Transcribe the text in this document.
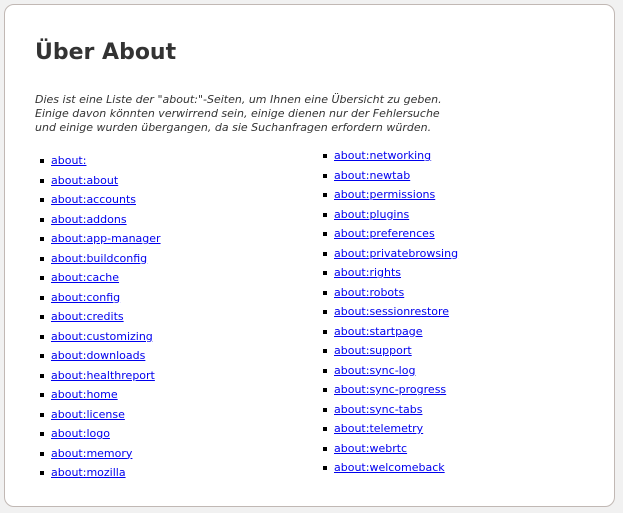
Über About

Dies ist eine Liste der "about:"-Seiten, um Ihnen eine Übersicht zu geben.
Einige davon könnten verwirrend sein, einige dienen nur der Fehlersuche
und einige wurden übergangen, da sie Suchanfragen erfordern würden.

about:
about:about
about:accounts
about:addons
about:app-manager
about:buildconfig
about:cache
about:config
about:credits
about:customizing
about:downloads
about:healthreport
about:home
about:license
about:logo
about:memory
about:mozilla
about:networking
about:newtab
about:permissions
about:plugins
about:preferences
about:privatebrowsing
about:rights
about:robots
about:sessionrestore
about:startpage
about:support
about:sync-log
about:sync-progress
about:sync-tabs
about:telemetry
about:webrtc
about:welcomeback
